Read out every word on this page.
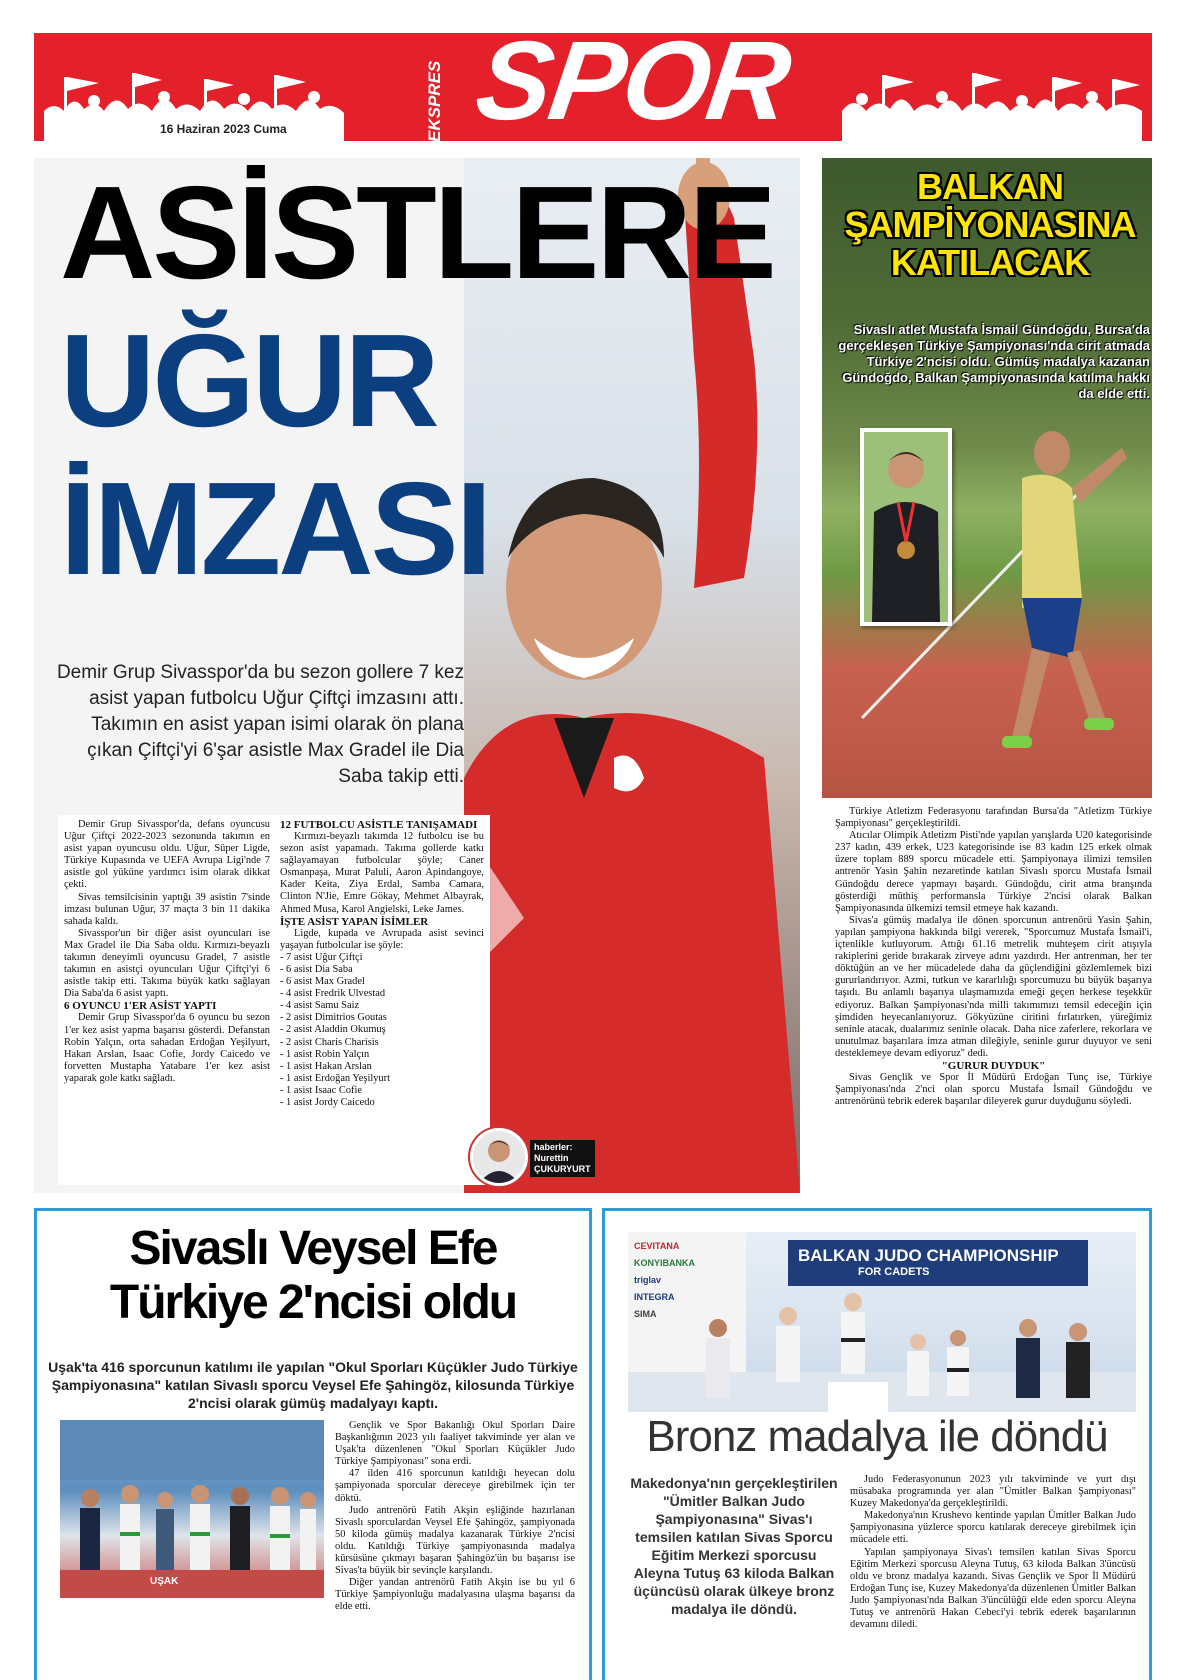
EKSPRES SPOR
16 Haziran 2023 Cuma
ASİSTLERE
UĞUR
İMZASI
Demir Grup Sivasspor'da bu sezon gollere 7 kez asist yapan futbolcu Uğur Çiftçi imzasını attı. Takımın en asist yapan isimi olarak ön plana çıkan Çiftçi'yi 6'şar asistle Max Gradel ile Dia Saba takip etti.

Demir Grup Sivasspor'da, defans oyuncusu Uğur Çiftçi 2022-2023 sezonunda takımın en asist yapan oyuncusu oldu. Uğur, Süper Ligde, Türkiye Kupasında ve UEFA Avrupa Ligi'nde 7 asistle gol yüküne yardımcı isim olarak dikkat çekti.

Sivas temsilcisinin yaptığı 39 asistin 7'sinde imzası bulunan Uğur, 37 maçta 3 bin 11 dakika sahada kaldı.

Sivasspor'un bir diğer asist oyuncuları ise Max Gradel ile Dia Saba oldu. Kırmızı-beyazlı takımın deneyimli oyuncusu Gradel, 7 asistle takımın en asistçi oyuncuları Uğur Çiftçi'yi 6 asistle takip etti. Takıma büyük katkı sağlayan Dia Saba'da 6 asist yaptı.

6 OYUNCU 1'ER ASİST YAPTI

Demir Grup Sivasspor'da 6 oyuncu bu sezon 1'er kez asist yapma başarısı gösterdi. Defanstan Robin Yalçın, orta sahadan Erdoğan Yeşilyurt, Hakan Arslan, Isaac Cofie, Jordy Caicedo ve forvetten Mustapha Yatabare 1'er kez asist yaparak gole katkı sağladı.

12 FUTBOLCU ASİSTLE TANIŞAMADI

Kırmızı-beyazlı takımda 12 futbolcu ise bu sezon asist yapamadı. Takıma gollerde katkı sağlayamayan futbolcular şöyle; Caner Osmanpaşa, Murat Paluli, Aaron Apindangoye, Kader Keita, Ziya Erdal, Samba Camara, Clinton N'Jie, Emre Gökay, Mehmet Albayrak, Ahmed Musa, Karol Angielski, Leke James.

İŞTE ASİST YAPAN İSİMLER

Ligde, kupada ve Avrupada asist sevinci yaşayan futbolcular ise şöyle:

- 7 asist Uğur Çiftçi
- 6 asist Dia Saba
- 6 asist Max Gradel
- 4 asist Fredrik Ulvestad
- 4 asist Samu Saiz
- 2 asist Dimitrios Goutas
- 2 asist Aladdin Okumuş
- 2 asist Charis Charisis
- 1 asist Robin Yalçın
- 1 asist Hakan Arslan
- 1 asist Erdoğan Yeşilyurt
- 1 asist Isaac Cofie
- 1 asist Jordy Caicedo
haberler:
Nurettin
ÇUKURYURT
BALKAN
ŞAMPİYONASINA
KATILACAK
Sivaslı atlet Mustafa İsmail Gündoğdu, Bursa'da gerçekleşen Türkiye Şampiyonası'nda cirit atmada Türkiye 2'ncisi oldu. Gümüş madalya kazanan Gündoğdo, Balkan Şampiyonasında katılma hakkı da elde etti.

Türkiye Atletizm Federasyonu tarafından Bursa'da "Atletizm Türkiye Şampiyonası" gerçekleştirildi.

Atıcılar Olimpik Atletizm Pisti'nde yapılan yarışlarda U20 kategorisinde 237 kadın, 439 erkek, U23 kategorisinde ise 83 kadın 125 erkek olmak üzere toplam 889 sporcu mücadele etti. Şampiyonaya ilimizi temsilen antrenör Yasin Şahin nezaretinde katılan Sivaslı sporcu Mustafa İsmail Gündoğdu derece yapmayı başardı. Gündoğdu, cirit atma branşında gösterdiği müthiş performansla Türkiye 2'ncisi olarak Balkan Şampiyonasında ülkemizi temsil etmeye hak kazandı.

Sivas'a gümüş madalya ile dönen sporcunun antrenörü Yasin Şahin, yapılan şampiyona hakkında bilgi vererek, "Sporcumuz Mustafa İsmail'i, içtenlikle kutluyorum. Attığı 61.16 metrelik muhteşem cirit atışıyla rakiplerini geride bırakarak zirveye adını yazdırdı. Her antrenman, her ter döktüğün an ve her mücadelede daha da güçlendiğini gözlemlemek bizi gururlandırıyor. Azmi, tutkun ve kararlılığı sporcumuzu bu büyük başarıya taşıdı. Bu anlamlı başarıya ulaşmamızda emeği geçen herkese teşekkür ediyoruz. Balkan Şampiyonası'nda milli takımımızı temsil edeceğin için şimdiden heyecanlanıyoruz. Gökyüzüne ciritini fırlatırken, yüreğimiz seninle atacak, dualarımız seninle olacak. Daha nice zaferlere, rekorlara ve unutulmaz başarılara imza atman dileğiyle, seninle gurur duyuyor ve seni desteklemeye devam ediyoruz" dedi.

"GURUR DUYDUK"

Sivas Gençlik ve Spor İl Müdürü Erdoğan Tunç ise, Türkiye Şampiyonası'nda 2'nci olan sporcu Mustafa İsmail Gündoğdu ve antrenörünü tebrik ederek başarılar dileyerek gurur duyduğunu söyledi.

Sivaslı Veysel Efe
Türkiye 2'ncisi oldu
Uşak'ta 416 sporcunun katılımı ile yapılan "Okul Sporları Küçükler Judo Türkiye Şampiyonasına" katılan Sivaslı sporcu Veysel Efe Şahingöz, kilosunda Türkiye 2'ncisi olarak gümüş madalyayı kaptı.
UŞAK

Gençlik ve Spor Bakanlığı Okul Sporları Daire Başkanlığının 2023 yılı faaliyet takviminde yer alan ve Uşak'ta düzenlenen "Okul Sporları Küçükler Judo Türkiye Şampiyonası" sona erdi.

47 ilden 416 sporcunun katıldığı heyecan dolu şampiyonada sporcular dereceye girebilmek için ter döktü.

Judo antrenörü Fatih Akşin eşliğinde hazırlanan Sivaslı sporculardan Veysel Efe Şahingöz, şampiyonada 50 kiloda gümüş madalya kazanarak Türkiye 2'ncisi oldu. Katıldığı Türkiye şampiyonasında madalya kürsüsüne çıkmayı başaran Şahingöz'ün bu başarısı ise Sivas'ta büyük bir sevinçle karşılandı.

Diğer yandan antrenörü Fatih Akşin ise bu yıl 6 Türkiye Şampiyonluğu madalyasına ulaşma başarısı da elde etti.

BALKAN JUDO CHAMPIONSHIP
FOR CADETS
CEVITANA
KONYIBANKA
triglav
INTEGRA
SIMA
Bronz madalya ile döndü
Makedonya'nın gerçekleştirilen "Ümitler Balkan Judo Şampiyonasına" Sivas'ı temsilen katılan Sivas Sporcu Eğitim Merkezi sporcusu Aleyna Tutuş 63 kiloda Balkan üçüncüsü olarak ülkeye bronz madalya ile döndü.

Judo Federasyonunun 2023 yılı takviminde ve yurt dışı müsabaka programında yer alan "Ümitler Balkan Şampiyonası" Kuzey Makedonya'da gerçekleştirildi.

Makedonya'nın Krushevo kentinde yapılan Ümitler Balkan Judo Şampiyonasına yüzlerce sporcu katılarak dereceye girebilmek için mücadele etti.

Yapılan şampiyonaya Sivas'ı temsilen katılan Sivas Sporcu Eğitim Merkezi sporcusu Aleyna Tutuş, 63 kiloda Balkan 3'üncüsü oldu ve bronz madalya kazandı. Sivas Gençlik ve Spor İl Müdürü Erdoğan Tunç ise, Kuzey Makedonya'da düzenlenen Ümitler Balkan Judo Şampiyonası'nda Balkan 3'üncülüğü elde eden sporcu Aleyna Tutuş ve antrenörü Hakan Cebeci'yi tebrik ederek başarılarının devamını diledi.
